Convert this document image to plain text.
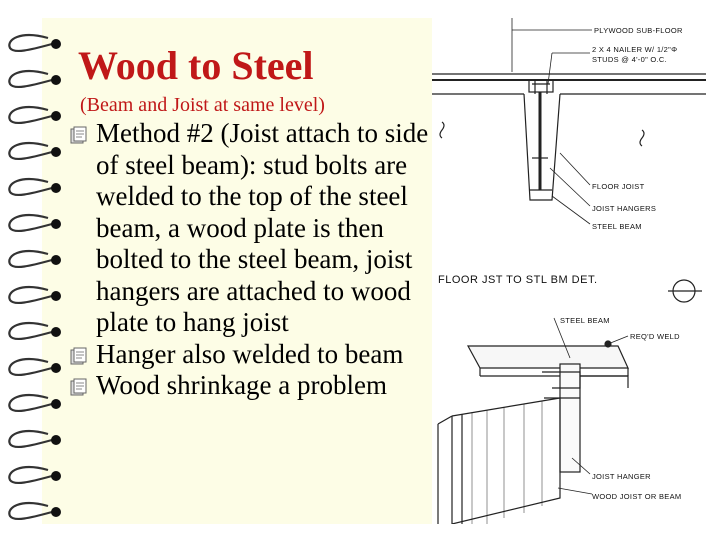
Wood to Steel
(Beam and Joist at same level)
Method #2 (Joist attach to side of steel beam): stud bolts are welded to the top of the steel beam, a wood plate is then bolted to the steel beam, joist hangers are attached to wood plate to hang joist
Hanger also welded to beam
Wood shrinkage a problem
PLYWOOD SUB-FLOOR
2 X 4 NAILER W/ 1/2"Φ
STUDS @ 4'-0" O.C.
FLOOR JOIST
JOIST HANGERS
STEEL BEAM
FLOOR JST TO STL BM DET.
STEEL BEAM
REQ'D WELD
JOIST HANGER
WOOD JOIST OR BEAM
